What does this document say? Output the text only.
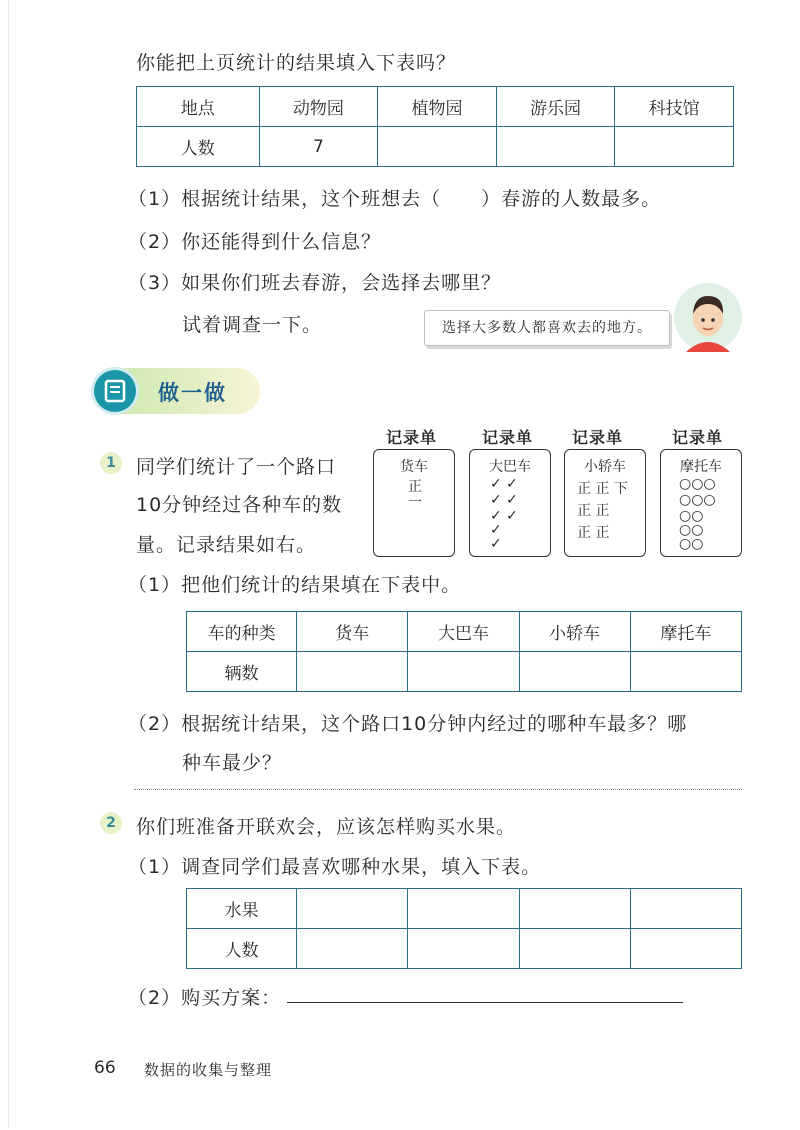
你能把上页统计的结果填入下表吗？
地点	动物园	植物园	游乐园	科技馆
人数	7			
（1）根据统计结果，这个班想去（　　）春游的人数最多。
（2）你还能得到什么信息？
（3）如果你们班去春游，会选择去哪里？
试着调查一下。	选择大多数人都喜欢去的地方。
做一做
1	同学们统计了一个路口
10分钟经过各种车的数
量。记录结果如右。
记录单	记录单 记录单	记录单
货车
正
一
大巴车
✓ ✓
✓ ✓
✓ ✓
✓
✓
小轿车
正 正 下
正 正
正 正
摩托车
○○○
○○○
○○
○○
○○
（1）把他们统计的结果填在下表中。
车的种类	货车	大巴车	小轿车	摩托车
辆数				
（2）根据统计结果，这个路口10分钟内经过的哪种车最多？哪
种车最少？
2	你们班准备开联欢会，应该怎样购买水果。
（1）调查同学们最喜欢哪种水果，填入下表。
水果				
人数				
（2）购买方案：
66 数据的收集与整理
